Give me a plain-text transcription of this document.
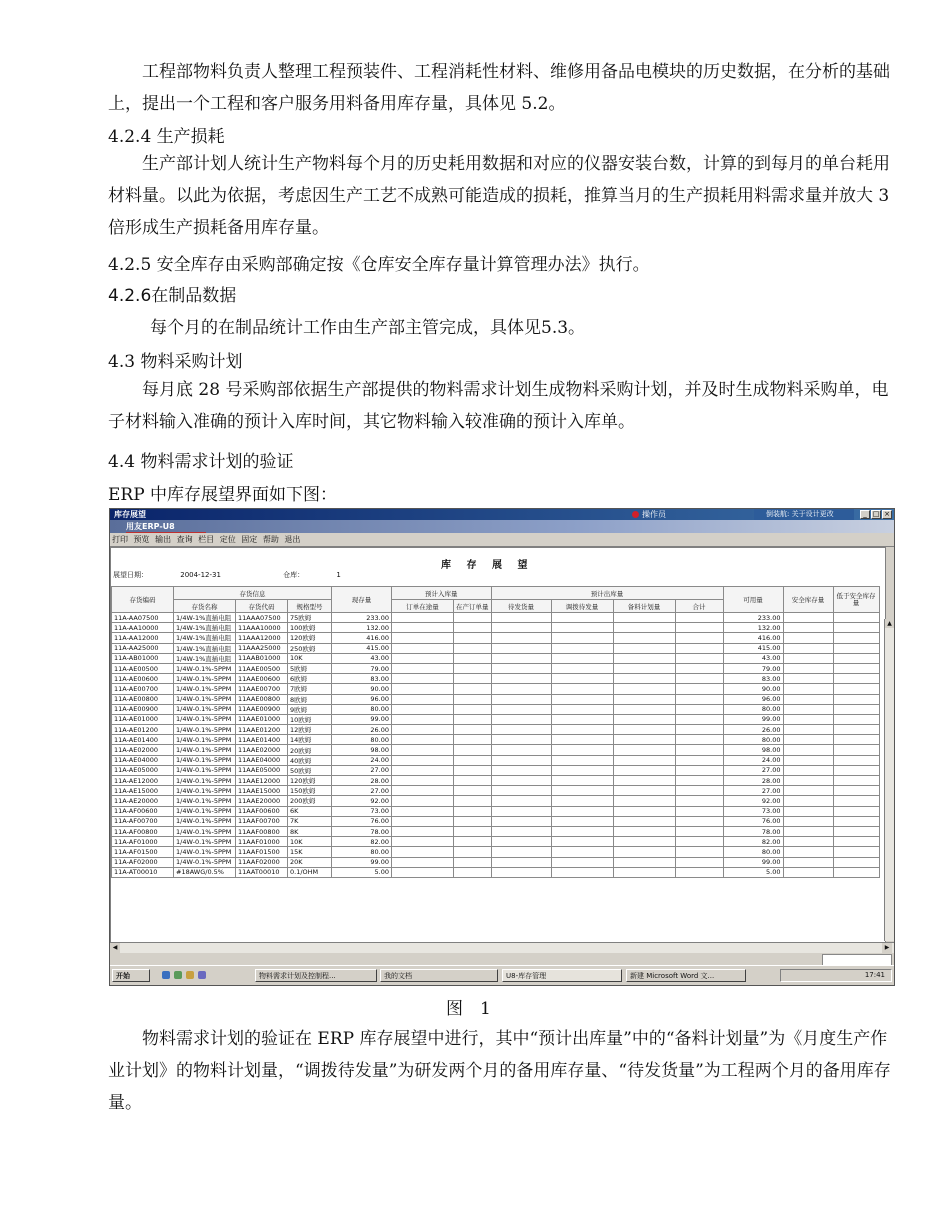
工程部物料负责人整理工程预装件、工程消耗性材料、维修用备品电模块的历史数据，在分析的基础上，提出一个工程和客户服务用料备用库存量，具体见 5.2。

4.2.4 生产损耗

生产部计划人统计生产物料每个月的历史耗用数据和对应的仪器安装台数，计算的到每月的单台耗用材料量。以此为依据，考虑因生产工艺不成熟可能造成的损耗，推算当月的生产损耗用料需求量并放大 3 倍形成生产损耗备用库存量。

4.2.5 安全库存由采购部确定按《仓库安全库存量计算管理办法》执行。

4.2.6在制品数据

每个月的在制品统计工作由生产部主管完成，具体见5.3。

4.3 物料采购计划

每月底 28 号采购部依据生产部提供的物料需求计划生成物料采购计划，并及时生成物料采购单，电子材料输入准确的预计入库时间，其它物料输入较准确的预计入库单。

4.4 物料需求计划的验证

ERP 中库存展望界面如下图：

库存展望	操作员	倒装航: 关于设计更改	_ □ ×
用友ERP-U8
打印 预览 输出 查询 栏目 定位 固定 帮助 退出
库 存 展 望
展望日期：	2004-12-31	仓库：	1
存货编码	存货信息			现存量	预计入库量		预计出库量				可用量	安全库存量	低于安全库存量
	存货名称	存货代码	规格型号		订单在途量	在产订单量	待发货量	调拨待发量	备料计划量	合计			
11A-AA07500	1/4W-1%直插电阻	11AAA07500	75欧姆	233.00							233.00		
11A-AA10000	1/4W-1%直插电阻	11AAA10000	100欧姆	132.00							132.00		
11A-AA12000	1/4W-1%直插电阻	11AAA12000	120欧姆	416.00							416.00		
11A-AA25000	1/4W-1%直插电阻	11AAA25000	250欧姆	415.00							415.00		
11A-AB01000	1/4W-1%直插电阻	11AAB01000	10K	43.00							43.00		
11A-AE00500	1/4W-0.1%-5PPM	11AAE00500	5欧姆	79.00							79.00		
11A-AE00600	1/4W-0.1%-5PPM	11AAE00600	6欧姆	83.00							83.00		
11A-AE00700	1/4W-0.1%-5PPM	11AAE00700	7欧姆	90.00							90.00		
11A-AE00800	1/4W-0.1%-5PPM	11AAE00800	8欧姆	96.00							96.00		
11A-AE00900	1/4W-0.1%-5PPM	11AAE00900	9欧姆	80.00							80.00		
11A-AE01000	1/4W-0.1%-5PPM	11AAE01000	10欧姆	99.00							99.00		
11A-AE01200	1/4W-0.1%-5PPM	11AAE01200	12欧姆	26.00							26.00		
11A-AE01400	1/4W-0.1%-5PPM	11AAE01400	14欧姆	80.00							80.00		
11A-AE02000	1/4W-0.1%-5PPM	11AAE02000	20欧姆	98.00							98.00		
11A-AE04000	1/4W-0.1%-5PPM	11AAE04000	40欧姆	24.00							24.00		
11A-AE05000	1/4W-0.1%-5PPM	11AAE05000	50欧姆	27.00							27.00		
11A-AE12000	1/4W-0.1%-5PPM	11AAE12000	120欧姆	28.00							28.00		
11A-AE15000	1/4W-0.1%-5PPM	11AAE15000	150欧姆	27.00							27.00		
11A-AE20000	1/4W-0.1%-5PPM	11AAE20000	200欧姆	92.00							92.00		
11A-AF00600	1/4W-0.1%-5PPM	11AAF00600	6K	73.00							73.00		
11A-AF00700	1/4W-0.1%-5PPM	11AAF00700	7K	76.00							76.00		
11A-AF00800	1/4W-0.1%-5PPM	11AAF00800	8K	78.00							78.00		
11A-AF01000	1/4W-0.1%-5PPM	11AAF01000	10K	82.00							82.00		
11A-AF01500	1/4W-0.1%-5PPM	11AAF01500	15K	80.00							80.00		
11A-AF02000	1/4W-0.1%-5PPM	11AAF02000	20K	99.00							99.00		
11A-AT00010	#18AWG/0.5%	11AAT00010	0.1/OHM	5.00							5.00		
▲
◀	▶
开始	物料需求计划及控制程...	我的文档	U8-库存管理	新建 Microsoft Word 文...	17:41

图　1

物料需求计划的验证在 ERP 库存展望中进行，其中“预计出库量”中的“备料计划量”为《月度生产作业计划》的物料计划量，“调拨待发量”为研发两个月的备用库存量、“待发货量”为工程两个月的备用库存量。
